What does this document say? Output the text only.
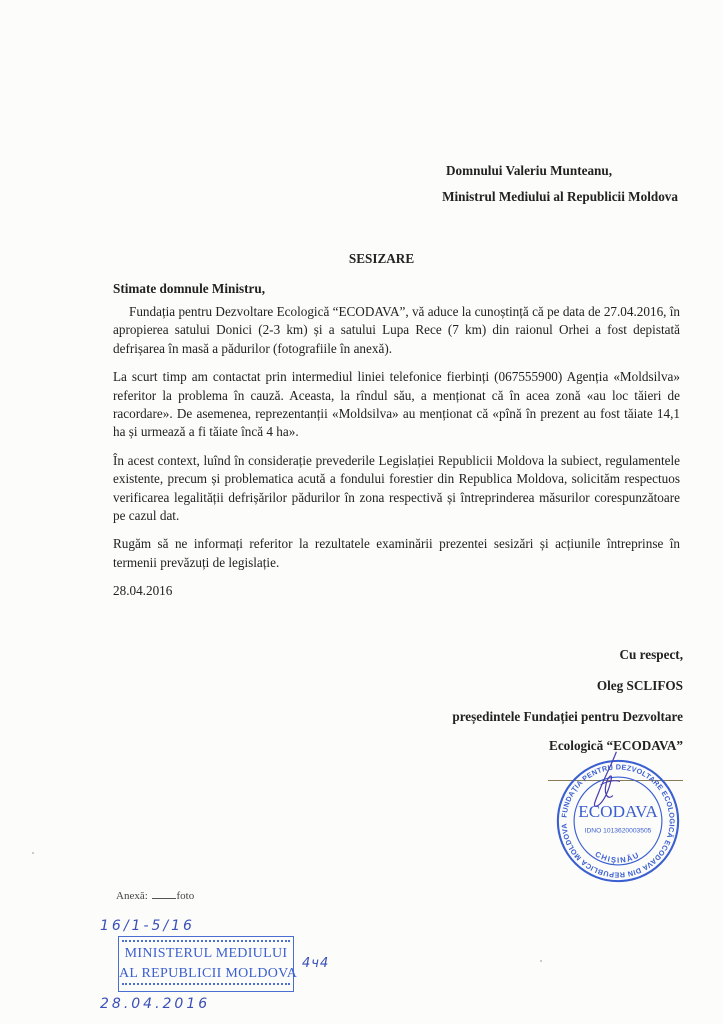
Domnului Valeriu Munteanu,
Ministrul Mediului al Republicii Moldova
SESIZARE
Stimate domnule Ministru,

Fundația pentru Dezvoltare Ecologică “ECODAVA”, vă aduce la cunoștință că pe data de 27.04.2016, în apropierea satului Donici (2-3 km) și a satului Lupa Rece (7 km) din raionul Orhei a fost depistată defrișarea în masă a pădurilor (fotografiile în anexă).

La scurt timp am contactat prin intermediul liniei telefonice fierbinți (067555900) Agenția «Moldsilva» referitor la problema în cauză. Aceasta, la rîndul său, a menționat că în acea zonă «au loc tăieri de racordare». De asemenea, reprezentanții «Moldsilva» au menționat că «pînă în prezent au fost tăiate 14,1 ha și urmează a fi tăiate încă 4 ha».

În acest context, luînd în considerație prevederile Legislației Republicii Moldova la subiect, regulamentele existente, precum și problematica acută a fondului forestier din Republica Moldova, solicităm respectuos verificarea legalității defrișărilor pădurilor în zona respectivă și întreprinderea măsurilor corespunzătoare pe cazul dat.

Rugăm să ne informați referitor la rezultatele examinării prezentei sesizări și acțiunile întreprinse în termenii prevăzuți de legislație.

28.04.2016
Cu respect,
Oleg SCLIFOS
președintele Fundației pentru Dezvoltare
Ecologică “ECODAVA”
FUNDAȚIA PENTRU DEZVOLTARE ECOLOGICĂ ECODAVA DIN REPUBLICA MOLDOVA
ECODAVA
IDNO 1013620003505
CHIȘINĂU
Anexă:	foto
16/1-5/16
MINISTERUL MEDIULUI
AL REPUBLICII MOLDOVA
4ч4
28.04.2016
